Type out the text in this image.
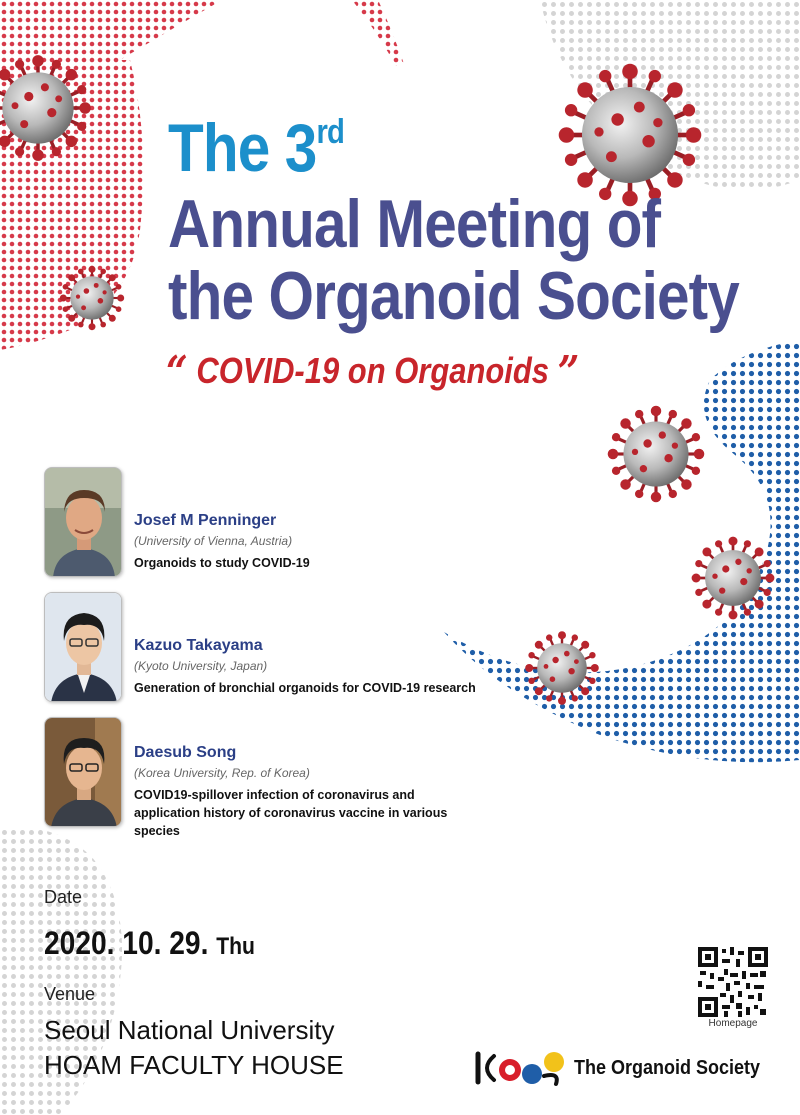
The 3rd
Annual Meeting of
the Organoid Society
“ COVID-19 on Organoids ”
Josef M Penninger
(University of Vienna, Austria)
Organoids to study COVID-19
Kazuo Takayama
(Kyoto University, Japan)
Generation of bronchial organoids for COVID-19 research
Daesub Song
(Korea University, Rep. of Korea)
COVID19-spillover infection of coronavirus and application history of coronavirus vaccine in various species
Date
2020. 10. 29. Thu
Venue
Seoul National University
HOAM FACULTY HOUSE
Homepage
The Organoid Society
